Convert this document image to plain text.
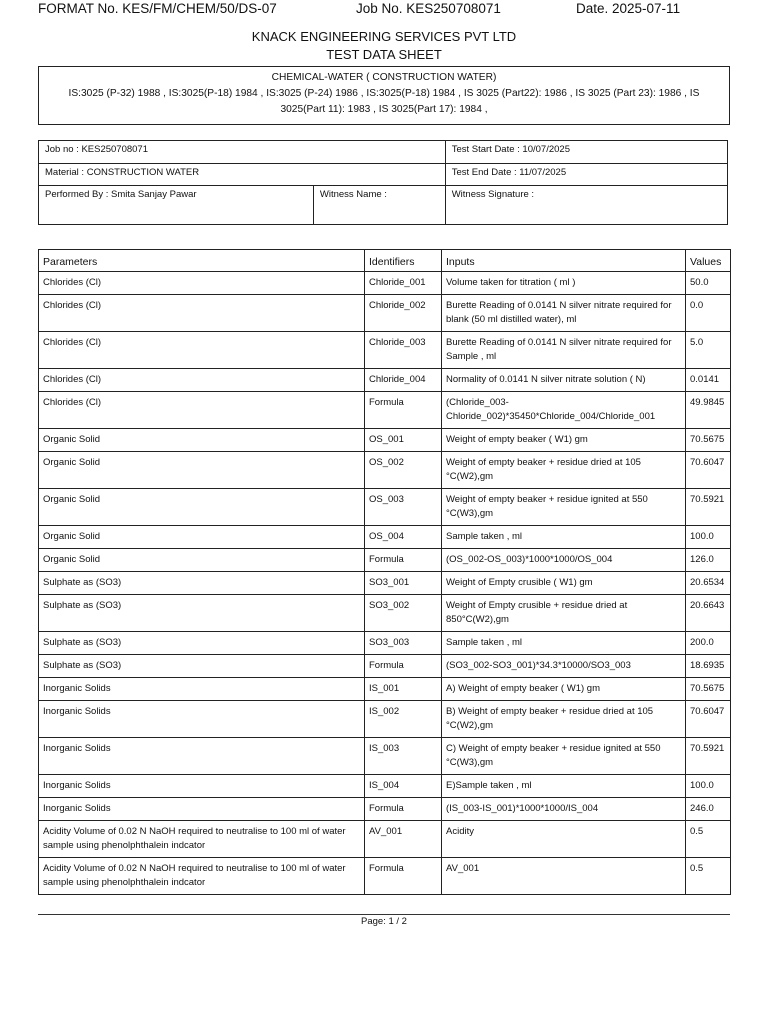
FORMAT No. KES/FM/CHEM/50/DS-07	Job No. KES250708071	Date. 2025-07-11
KNACK ENGINEERING SERVICES PVT LTD
TEST DATA SHEET
CHEMICAL-WATER ( CONSTRUCTION WATER)
IS:3025 (P-32) 1988 , IS:3025(P-18) 1984 , IS:3025 (P-24) 1986 , IS:3025(P-18) 1984 , IS 3025 (Part22): 1986 , IS 3025 (Part 23): 1986 , IS 3025(Part 11): 1983 , IS 3025(Part 17): 1984 ,
Job no : KES250708071		Test Start Date : 10/07/2025
Material : CONSTRUCTION WATER		Test End Date : 11/07/2025
Performed By : Smita Sanjay Pawar	Witness Name :	Witness Signature :
Parameters	Identifiers	Inputs	Values
Chlorides (Cl)	Chloride_001	Volume taken for titration ( ml )	50.0
Chlorides (Cl)	Chloride_002	Burette Reading of 0.0141 N silver nitrate required for blank (50 ml distilled water), ml	0.0
Chlorides (Cl)	Chloride_003	Burette Reading of 0.0141 N silver nitrate required for Sample , ml	5.0
Chlorides (Cl)	Chloride_004	Normality of 0.0141 N silver nitrate solution ( N)	0.0141
Chlorides (Cl)	Formula	(Chloride_003-Chloride_002)*35450*Chloride_004/Chloride_001	49.9845
Organic Solid	OS_001	Weight of empty beaker ( W1) gm	70.5675
Organic Solid	OS_002	Weight of empty beaker + residue dried at 105 °C(W2),gm	70.6047
Organic Solid	OS_003	Weight of empty beaker + residue ignited at 550 °C(W3),gm	70.5921
Organic Solid	OS_004	Sample taken , ml	100.0
Organic Solid	Formula	(OS_002-OS_003)*1000*1000/OS_004	126.0
Sulphate as (SO3)	SO3_001	Weight of Empty crusible ( W1) gm	20.6534
Sulphate as (SO3)	SO3_002	Weight of Empty crusible + residue dried at 850°C(W2),gm	20.6643
Sulphate as (SO3)	SO3_003	Sample taken , ml	200.0
Sulphate as (SO3)	Formula	(SO3_002-SO3_001)*34.3*10000/SO3_003	18.6935
Inorganic Solids	IS_001	A) Weight of empty beaker ( W1) gm	70.5675
Inorganic Solids	IS_002	B) Weight of empty beaker + residue dried at 105 °C(W2),gm	70.6047
Inorganic Solids	IS_003	C) Weight of empty beaker + residue ignited at 550 °C(W3),gm	70.5921
Inorganic Solids	IS_004	E)Sample taken , ml	100.0
Inorganic Solids	Formula	(IS_003-IS_001)*1000*1000/IS_004	246.0
Acidity Volume of 0.02 N NaOH required to neutralise to 100 ml of water sample using phenolphthalein indcator	AV_001	Acidity	0.5
Acidity Volume of 0.02 N NaOH required to neutralise to 100 ml of water sample using phenolphthalein indcator	Formula	AV_001	0.5
Page: 1 / 2
